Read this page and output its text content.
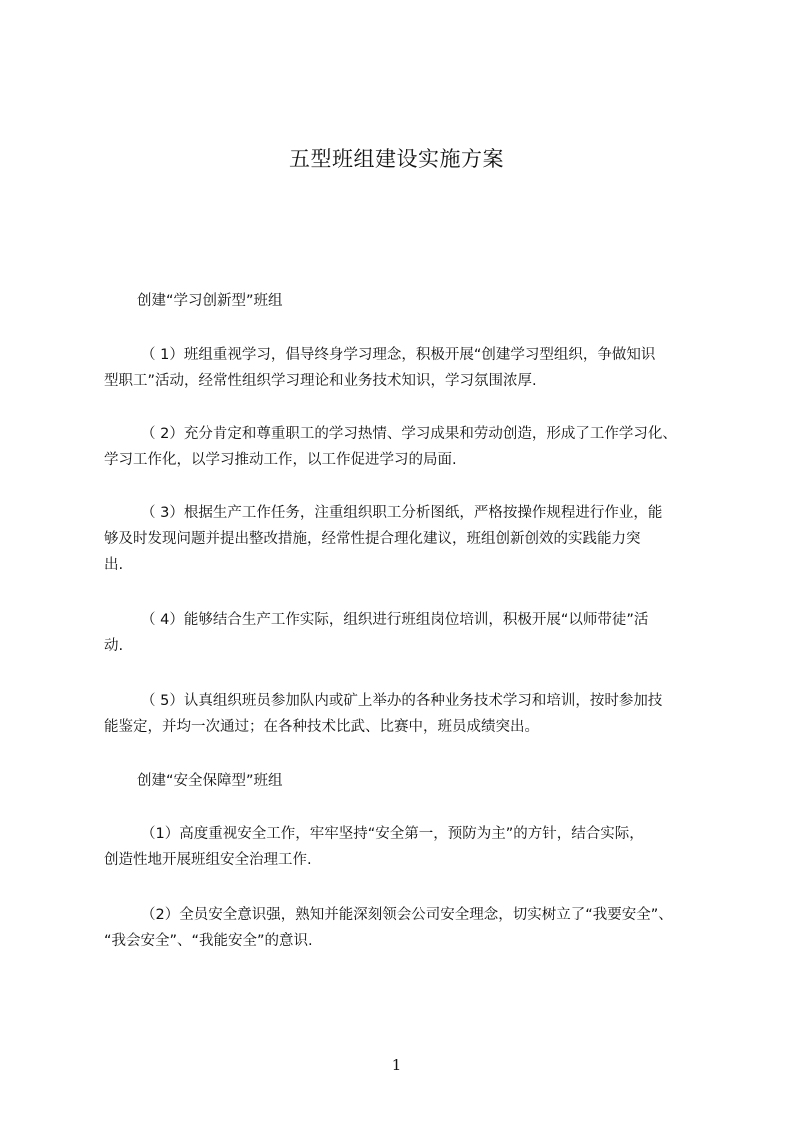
五型班组建设实施方案

创建“学习创新型”班组

（ 1）班组重视学习，倡导终身学习理念，积极开展“创建学习型组织，争做知识
型职工”活动，经常性组织学习理论和业务技术知识，学习氛围浓厚.
（ 2）充分肯定和尊重职工的学习热情、学习成果和劳动创造，形成了工作学习化、
学习工作化，以学习推动工作，以工作促进学习的局面.
（ 3）根据生产工作任务，注重组织职工分析图纸，严格按操作规程进行作业，能
够及时发现问题并提出整改措施，经常性提合理化建议，班组创新创效的实践能力突
出.
（ 4）能够结合生产工作实际，组织进行班组岗位培训，积极开展“以师带徒”活
动.
（ 5）认真组织班员参加队内或矿上举办的各种业务技术学习和培训，按时参加技
能鉴定，并均一次通过；在各种技术比武、比赛中，班员成绩突出。

创建“安全保障型”班组

（1）高度重视安全工作，牢牢坚持“安全第一，预防为主”的方针，结合实际，
创造性地开展班组安全治理工作.
（2）全员安全意识强，熟知并能深刻领会公司安全理念，切实树立了“我要安全”、
“我会安全”、“我能安全”的意识.

1
